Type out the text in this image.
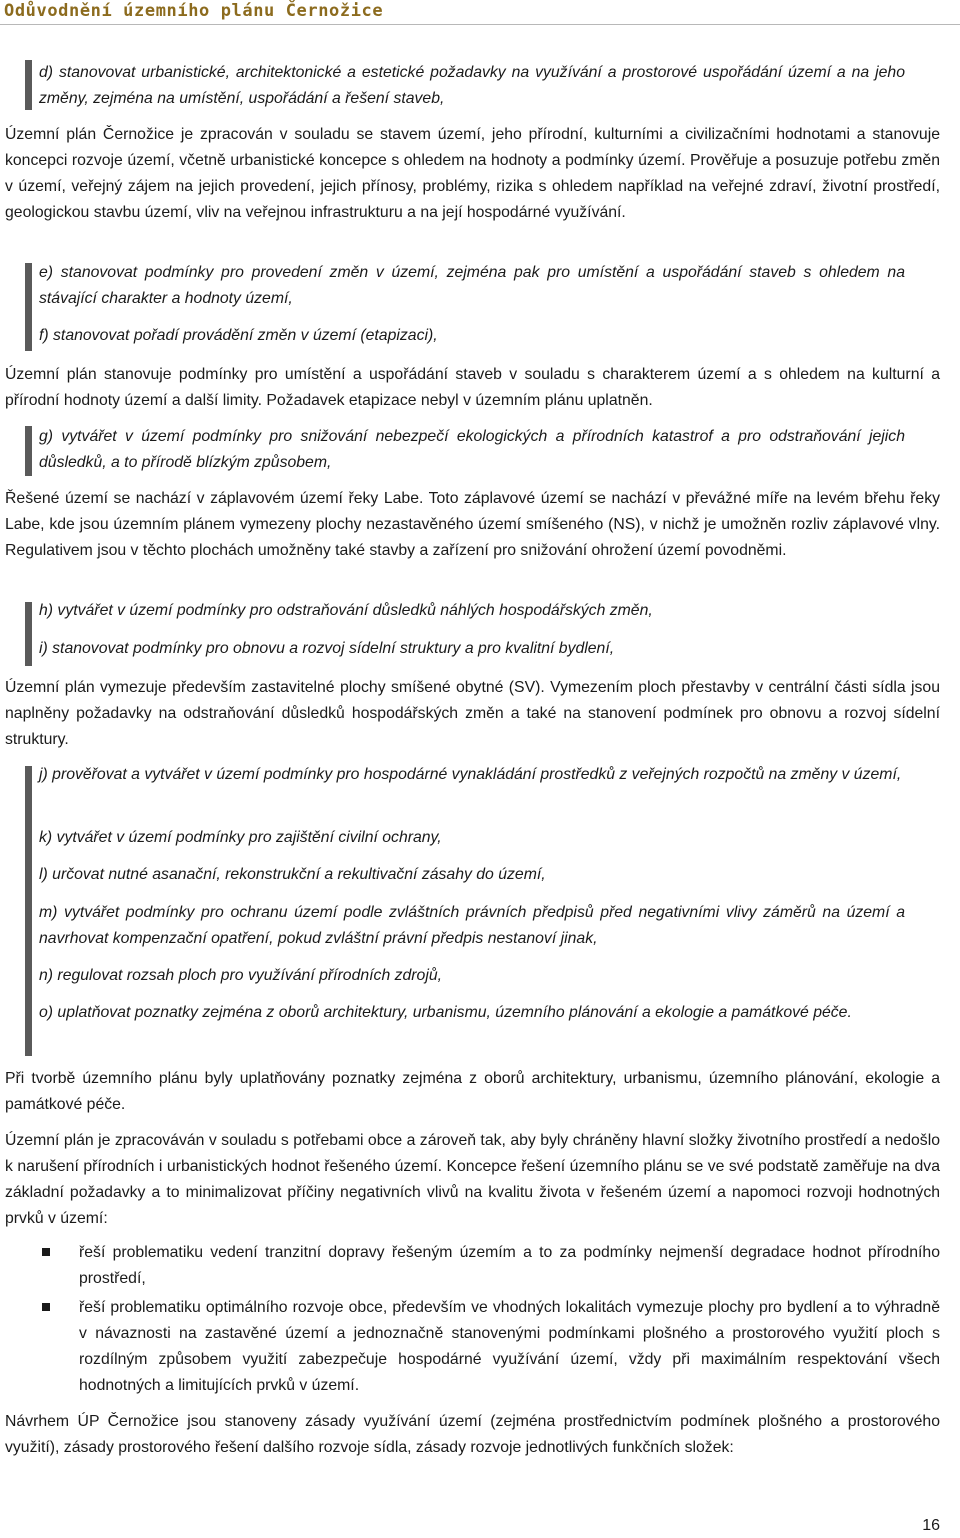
Odůvodnění územního plánu Černožice

d) stanovovat urbanistické, architektonické a estetické požadavky na využívání a prostorové uspořádání území a na jeho změny, zejména na umístění, uspořádání a řešení staveb,

Územní plán Černožice je zpracován v souladu se stavem území, jeho přírodní, kulturními a civilizačními hodnotami a stanovuje koncepci rozvoje území, včetně urbanistické koncepce s ohledem na hodnoty a podmínky území. Prověřuje a posuzuje potřebu změn v území, veřejný zájem na jejich provedení, jejich přínosy, problémy, rizika s ohledem například na veřejné zdraví, životní prostředí, geologickou stavbu území, vliv na veřejnou infrastrukturu a na její hospodárné využívání.

e) stanovovat podmínky pro provedení změn v území, zejména pak pro umístění a uspořádání staveb s ohledem na stávající charakter a hodnoty území,

f) stanovovat pořadí provádění změn v území (etapizaci),

Územní plán stanovuje podmínky pro umístění a uspořádání staveb v souladu s charakterem území a s ohledem na kulturní a přírodní hodnoty území a další limity. Požadavek etapizace nebyl v územním plánu uplatněn.

g) vytvářet v území podmínky pro snižování nebezpečí ekologických a přírodních katastrof a pro odstraňování jejich důsledků, a to přírodě blízkým způsobem,

Řešené území se nachází v záplavovém území řeky Labe. Toto záplavové území se nachází v převážné míře na levém břehu řeky Labe, kde jsou územním plánem vymezeny plochy nezastavěného území smíšeného (NS), v nichž je umožněn rozliv záplavové vlny. Regulativem jsou v těchto plochách umožněny také stavby a zařízení pro snižování ohrožení území povodněmi.

h) vytvářet v území podmínky pro odstraňování důsledků náhlých hospodářských změn,

i) stanovovat podmínky pro obnovu a rozvoj sídelní struktury a pro kvalitní bydlení,

Územní plán vymezuje především zastavitelné plochy smíšené obytné (SV). Vymezením ploch přestavby v centrální části sídla jsou naplněny požadavky na odstraňování důsledků hospodářských změn a také na stanovení podmínek pro obnovu a rozvoj sídelní struktury.

j) prověřovat a vytvářet v území podmínky pro hospodárné vynakládání prostředků z veřejných rozpočtů na změny v území,

k) vytvářet v území podmínky pro zajištění civilní ochrany,

l) určovat nutné asanační, rekonstrukční a rekultivační zásahy do území,

m) vytvářet podmínky pro ochranu území podle zvláštních právních předpisů před negativními vlivy záměrů na území a navrhovat kompenzační opatření, pokud zvláštní právní předpis nestanoví jinak,

n) regulovat rozsah ploch pro využívání přírodních zdrojů,

o) uplatňovat poznatky zejména z oborů architektury, urbanismu, územního plánování a ekologie a památkové péče.

Při tvorbě územního plánu byly uplatňovány poznatky zejména z oborů architektury, urbanismu, územního plánování, ekologie a památkové péče.

Územní plán je zpracováván v souladu s potřebami obce a zároveň tak, aby byly chráněny hlavní složky životního prostředí a nedošlo k narušení přírodních i urbanistických hodnot řešeného území. Koncepce řešení územního plánu se ve své podstatě zaměřuje na dva základní požadavky a to minimalizovat příčiny negativních vlivů na kvalitu života v řešeném území a napomoci rozvoji hodnotných prvků v území:

řeší problematiku vedení tranzitní dopravy řešeným územím a to za podmínky nejmenší degradace hodnot přírodního prostředí,

řeší problematiku optimálního rozvoje obce, především ve vhodných lokalitách vymezuje plochy pro bydlení a to výhradně v návaznosti na zastavěné území a jednoznačně stanovenými podmínkami plošného a prostorového využití ploch s rozdílným způsobem využití zabezpečuje hospodárné využívání území, vždy při maximálním respektování všech hodnotných a limitujících prvků v území.

Návrhem ÚP Černožice jsou stanoveny zásady využívání území (zejména prostřednictvím podmínek plošného a prostorového využití), zásady prostorového řešení dalšího rozvoje sídla, zásady rozvoje jednotlivých funkčních složek:

16
